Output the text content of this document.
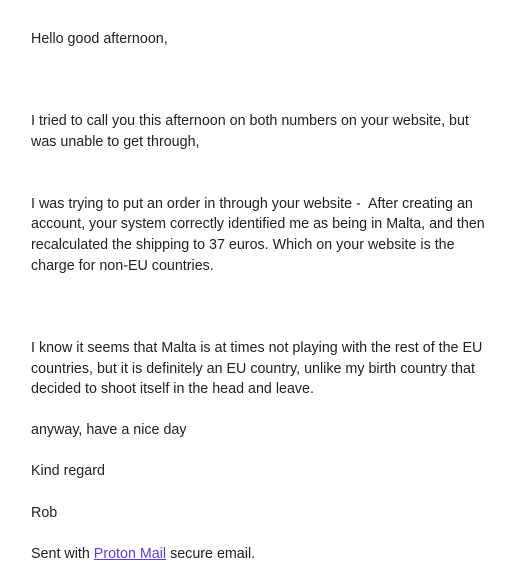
Hello good afternoon,

I tried to call you this afternoon on both numbers on your website, but was unable to get through,

I was trying to put an order in through your website -  After creating an account, your system correctly identified me as being in Malta, and then recalculated the shipping to 37 euros. Which on your website is the charge for non-EU countries.

I know it seems that Malta is at times not playing with the rest of the EU countries, but it is definitely an EU country, unlike my birth country that decided to shoot itself in the head and leave.

anyway, have a nice day

Kind regard

Rob

Sent with Proton Mail secure email.
